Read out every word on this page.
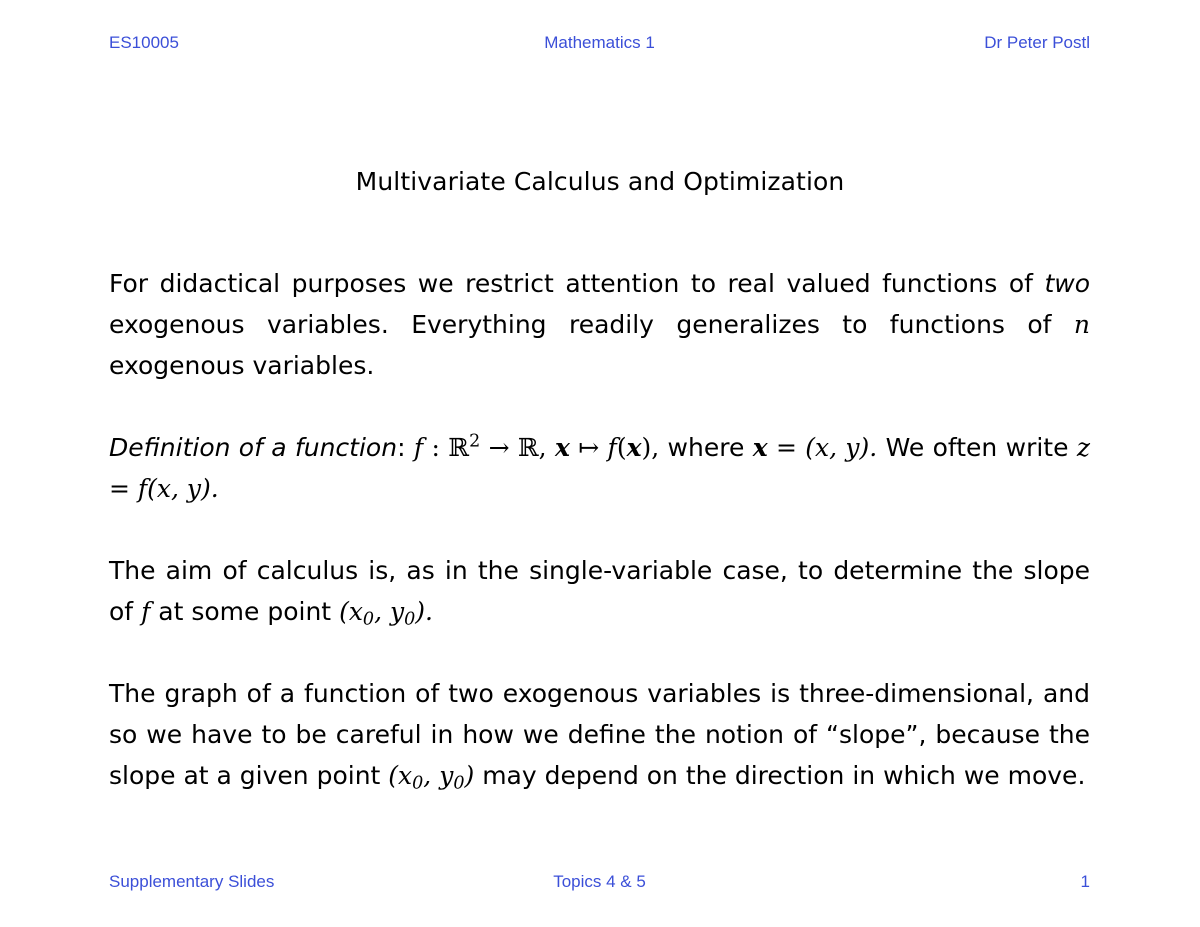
ES10005	Mathematics 1	Dr Peter Postl
Multivariate Calculus and Optimization
For didactical purposes we restrict attention to real valued functions of two exogenous variables. Everything readily generalizes to functions of n exogenous variables.
Definition of a function: f : ℝ$^2$ → ℝ, x ↦ f(x), where x = (x, y). We often write z = f(x, y).
The aim of calculus is, as in the single-variable case, to determine the slope of f at some point ($x_0$, $y_0$).
The graph of a function of two exogenous variables is three-dimensional, and so we have to be careful in how we define the notion of “slope”, because the slope at a given point ($x_0$, $y_0$) may depend on the direction in which we move.
Supplementary Slides	Topics 4 & 5	1
